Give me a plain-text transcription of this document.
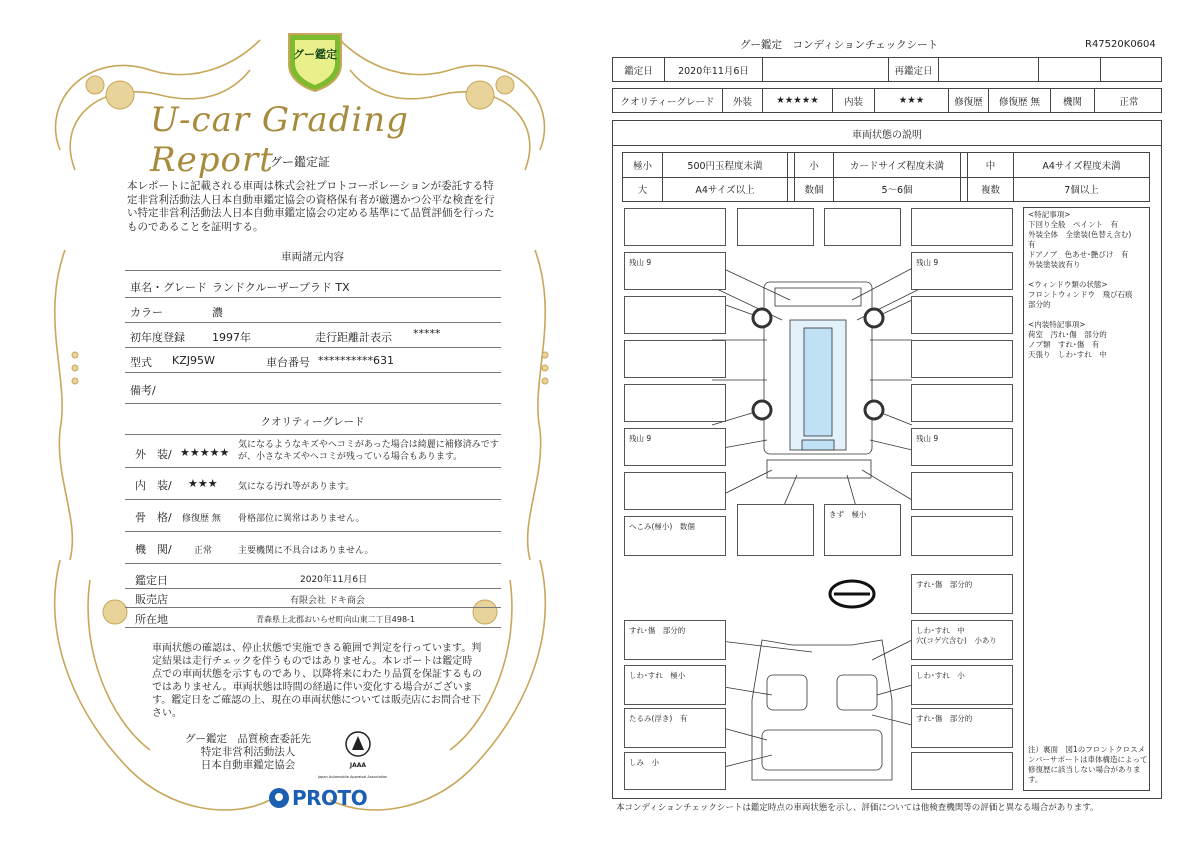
グー鑑定
U-car Grading Report
グー鑑定証
本レポートに記載される車両は株式会社プロトコーポレーションが委託する特定非営利活動法人日本自動車鑑定協会の資格保有者が厳選かつ公平な検査を行い特定非営利活動法人日本自動車鑑定協会の定める基準にて品質評価を行ったものであることを証明する。
車両諸元内容
車名・グレード ランドクルーザープラド TX
カラー	濃
初年度登録 1997年	走行距離計表示 *****
型式 KZJ95W	車台番号 **********631
備考/
クオリティーグレード
外　装/ ★★★★★
気になるようなキズやヘコミがあった場合は綺麗に補修済みですが、小さなキズやヘコミが残っている場合もあります。
内　装/ ★★★ 気になる汚れ等があります。
骨　格/ 修復歴 無 骨格部位に異常はありません。
機　関/ 正常	主要機関に不具合はありません。
鑑定日	2020年11月6日
販売店	有限会社 ドキ商会
所在地	青森県上北郡おいらせ町向山東二丁目498-1
車両状態の確認は、停止状態で実施できる範囲で判定を行っています。判定結果は走行チェックを伴うものではありません。本レポートは鑑定時点での車両状態を示すものであり、以降将来にわたり品質を保証するものではありません。車両状態は時間の経過に伴い変化する場合がございます。鑑定日をご確認の上、現在の車両状態については販売店にお問合せ下さい。
グー鑑定　品質検査委託先
特定非営利活動法人
日本自動車鑑定協会	JAAA
Japan Automobile Appraisal Association
PROTO
グー鑑定　コンディションチェックシート	R47520K0604
鑑定日	2020年11月6日	再鑑定日
クオリティーグレード	外装	★★★★★	内装	★★★	修復歴	修復歴 無	機関	正常
車両状態の説明
極小	500円玉程度未満	小	カードサイズ程度未満	中	A4サイズ程度未満
大	A4サイズ以上	数個	5～6個	複数	7個以上
残山 9	残山 9
残山 9	残山 9
へこみ(極小)　数個
きず　極小
すれ･傷　部分的
すれ･傷　部分的	しわ･すれ　中
穴(コゲ穴含む)　小あり
しわ･すれ　極小	しわ･すれ　小
たるみ(浮き)　有	すれ･傷　部分的
しみ　小
<特記事項>
下回り全般　ペイント　有
外装全体　全塗装(色替え含む)
有
ドアノブ　色あせ･艶ぴけ　有
外装塗装波有り
<ウィンドウ類の状態>
フロントウィンドウ　飛び石痕
部分的
<内装特記事項>
荷室　汚れ･傷　部分的
ノブ類　すれ･傷　有
天張り　しわ･すれ　中
注）裏面　図1のフロントクロスメンバーサポートは車体構造によって修復歴に該当しない場合があります。
本コンディションチェックシートは鑑定時点の車両状態を示し、評価については他検査機関等の評価と異なる場合があります。
